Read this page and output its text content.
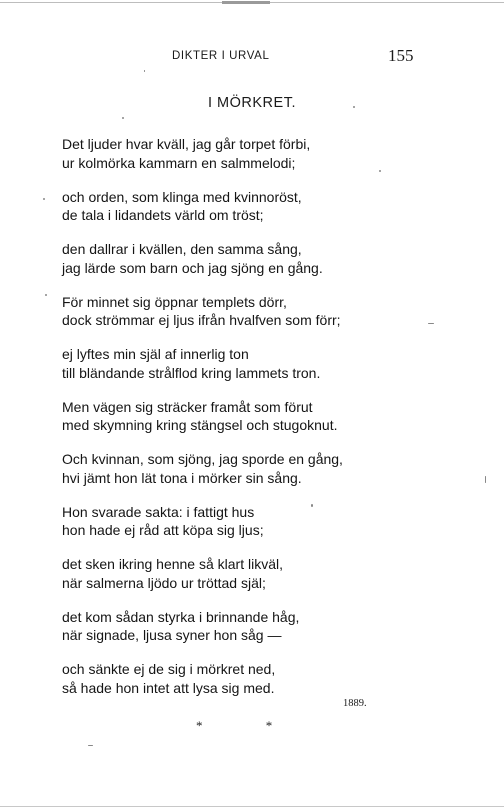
DIKTER I URVAL	155
I MÖRKRET.
Det ljuder hvar kväll, jag går torpet förbi,
ur kolmörka kammarn en salmmelodi;
och orden, som klinga med kvinnoröst,
de tala i lidandets värld om tröst;
den dallrar i kvällen, den samma sång,
jag lärde som barn och jag sjöng en gång.
För minnet sig öppnar templets dörr,
dock strömmar ej ljus ifrån hvalfven som förr;
ej lyftes min själ af innerlig ton
till bländande strålflod kring lammets tron.
Men vägen sig sträcker framåt som förut
med skymning kring stängsel och stugoknut.
Och kvinnan, som sjöng, jag sporde en gång,
hvi jämt hon lät tona i mörker sin sång.
Hon svarade sakta: i fattigt hus
hon hade ej råd att köpa sig ljus;
det sken ikring henne så klart likväl,
när salmerna ljödo ur tröttad själ;
det kom sådan styrka i brinnande håg,
när signade, ljusa syner hon såg —
och sänkte ej de sig i mörkret ned,
så hade hon intet att lysa sig med.
1889.
* *
